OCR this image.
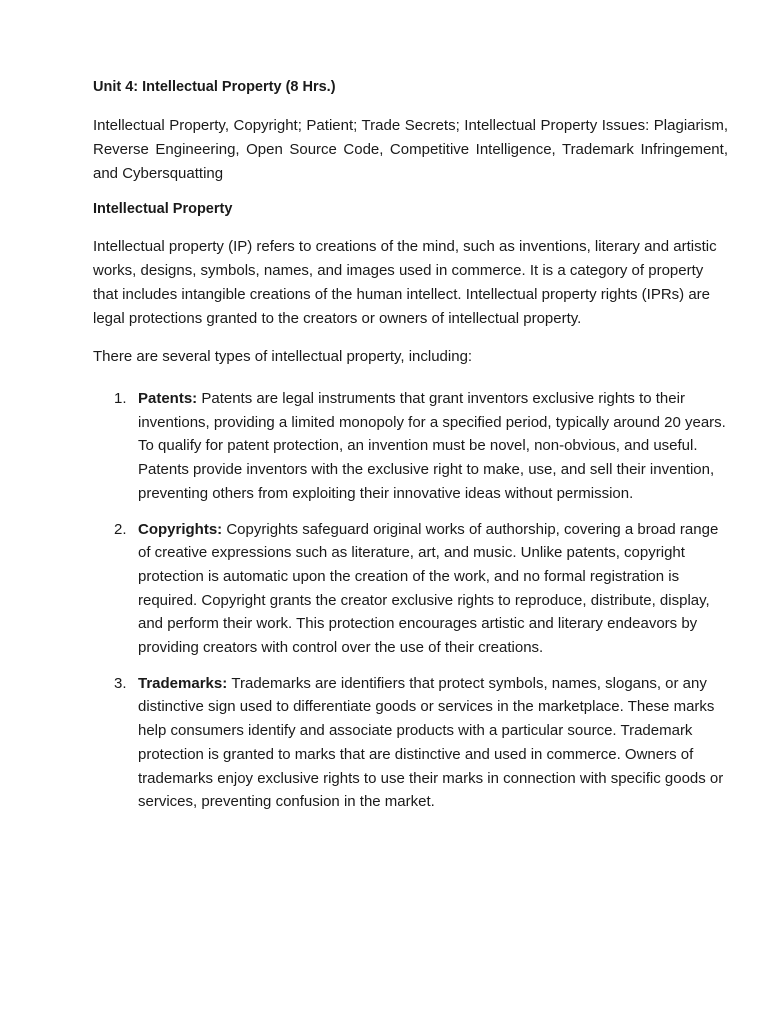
Unit 4: Intellectual Property (8 Hrs.)

Intellectual Property, Copyright; Patient; Trade Secrets; Intellectual Property Issues: Plagiarism, Reverse Engineering, Open Source Code, Competitive Intelligence, Trademark Infringement, and Cybersquatting

Intellectual Property

Intellectual property (IP) refers to creations of the mind, such as inventions, literary and artistic works, designs, symbols, names, and images used in commerce. It is a category of property that includes intangible creations of the human intellect. Intellectual property rights (IPRs) are legal protections granted to the creators or owners of intellectual property.

There are several types of intellectual property, including:

1. Patents: Patents are legal instruments that grant inventors exclusive rights to their inventions, providing a limited monopoly for a specified period, typically around 20 years. To qualify for patent protection, an invention must be novel, non-obvious, and useful. Patents provide inventors with the exclusive right to make, use, and sell their invention, preventing others from exploiting their innovative ideas without permission.
2. Copyrights: Copyrights safeguard original works of authorship, covering a broad range of creative expressions such as literature, art, and music. Unlike patents, copyright protection is automatic upon the creation of the work, and no formal registration is required. Copyright grants the creator exclusive rights to reproduce, distribute, display, and perform their work. This protection encourages artistic and literary endeavors by providing creators with control over the use of their creations.
3. Trademarks: Trademarks are identifiers that protect symbols, names, slogans, or any distinctive sign used to differentiate goods or services in the marketplace. These marks help consumers identify and associate products with a particular source. Trademark protection is granted to marks that are distinctive and used in commerce. Owners of trademarks enjoy exclusive rights to use their marks in connection with specific goods or services, preventing confusion in the market.
